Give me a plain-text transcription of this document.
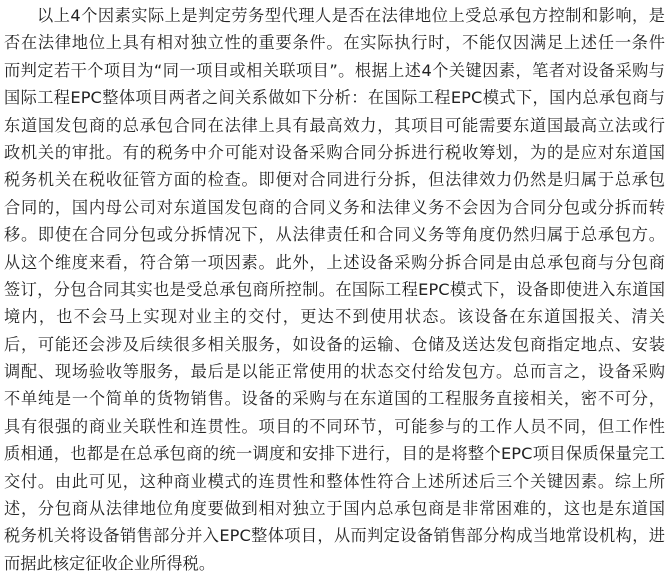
以上4个因素实际上是判定劳务型代理人是否在法律地位上受总承包方控制和影响，是
否在法律地位上具有相对独立性的重要条件。在实际执行时，不能仅因满足上述任一条件
而判定若干个项目为“同一项目或相关联项目”。根据上述4个关键因素，笔者对设备采购与
国际工程EPC整体项目两者之间关系做如下分析：在国际工程EPC模式下，国内总承包商与
东道国发包商的总承包合同在法律上具有最高效力，其项目可能需要东道国最高立法或行
政机关的审批。有的税务中介可能对设备采购合同分拆进行税收筹划，为的是应对东道国
税务机关在税收征管方面的检查。即便对合同进行分拆，但法律效力仍然是归属于总承包
合同的，国内母公司对东道国发包商的合同义务和法律义务不会因为合同分包或分拆而转
移。即使在合同分包或分拆情况下，从法律责任和合同义务等角度仍然归属于总承包方。
从这个维度来看，符合第一项因素。此外，上述设备采购分拆合同是由总承包商与分包商
签订，分包合同其实也是受总承包商所控制。在国际工程EPC模式下，设备即使进入东道国
境内，也不会马上实现对业主的交付，更达不到使用状态。该设备在东道国报关、清关
后，可能还会涉及后续很多相关服务，如设备的运输、仓储及送达发包商指定地点、安装
调配、现场验收等服务，最后是以能正常使用的状态交付给发包方。总而言之，设备采购
不单纯是一个简单的货物销售。设备的采购与在东道国的工程服务直接相关，密不可分，
具有很强的商业关联性和连贯性。项目的不同环节，可能参与的工作人员不同，但工作性
质相通，也都是在总承包商的统一调度和安排下进行，目的是将整个EPC项目保质保量完工
交付。由此可见，这种商业模式的连贯性和整体性符合上述所述后三个关键因素。综上所
述，分包商从法律地位角度要做到相对独立于国内总承包商是非常困难的，这也是东道国
税务机关将设备销售部分并入EPC整体项目，从而判定设备销售部分构成当地常设机构，进
而据此核定征收企业所得税。
